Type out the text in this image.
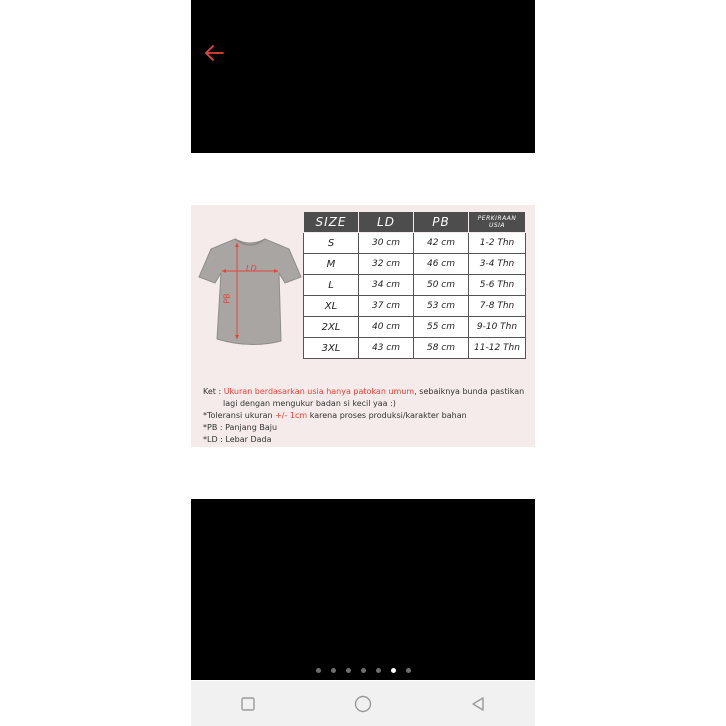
LD
PB
SIZE	LD	PB	PERKIRAAN USIA
S	30 cm	42 cm	1-2 Thn
M	32 cm	46 cm	3-4 Thn
L	34 cm	50 cm	5-6 Thn
XL	37 cm	53 cm	7-8 Thn
2XL	40 cm	55 cm	9-10 Thn
3XL	43 cm	58 cm	11-12 Thn

Ket : Ukuran berdasarkan usia hanya patokan umum, sebaiknya bunda pastikan

lagi dengan mengukur badan si kecil yaa :)

*Toleransi ukuran +/- 1cm karena proses produksi/karakter bahan

*PB : Panjang Baju

*LD : Lebar Dada
